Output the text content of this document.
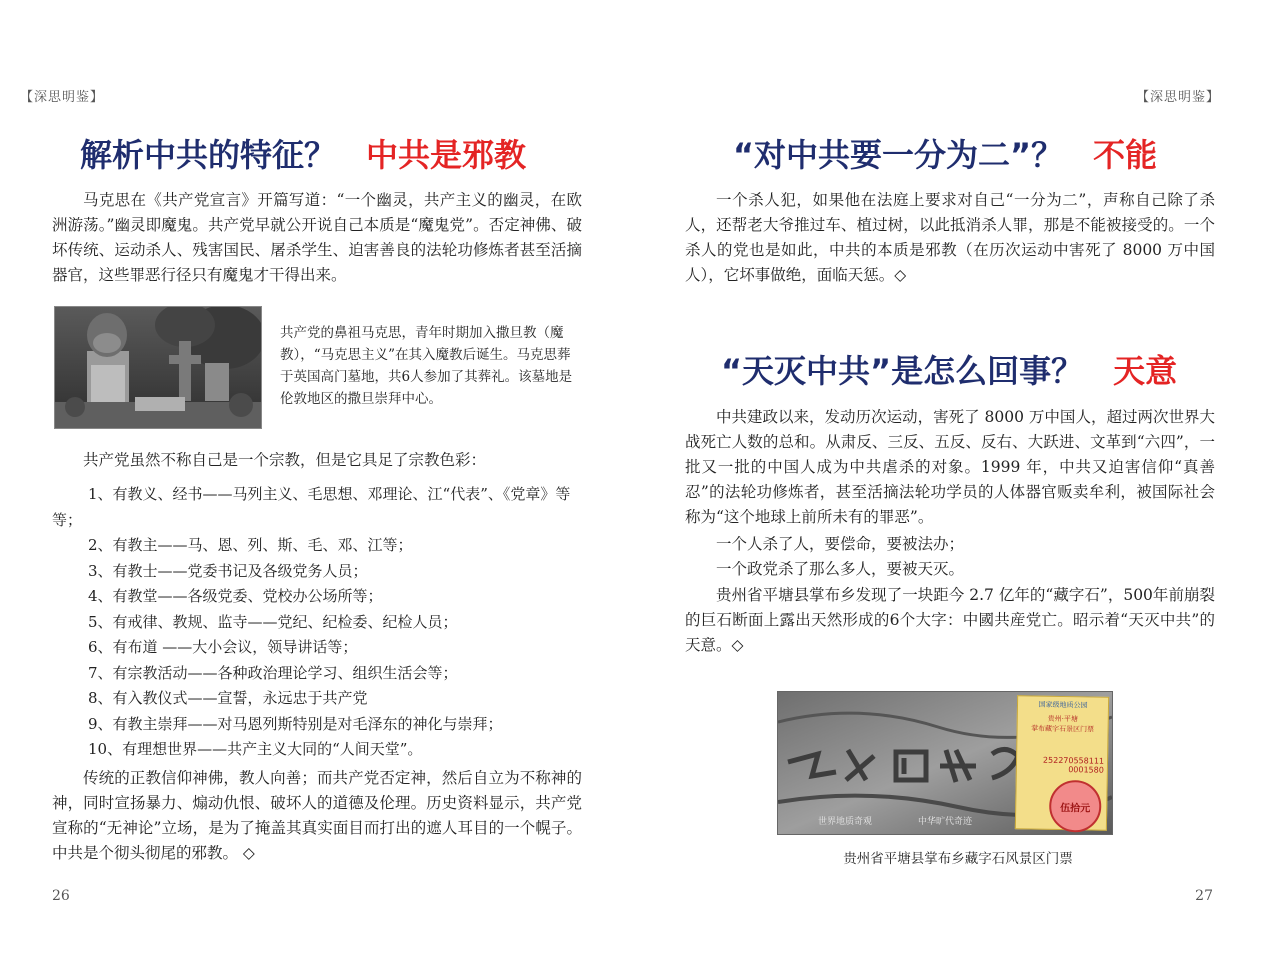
【深思明鉴】
解析中共的特征？ 中共是邪教

马克思在《共产党宣言》开篇写道：“一个幽灵，共产主义的幽灵，在欧洲游荡。”幽灵即魔鬼。共产党早就公开说自己本质是“魔鬼党”。否定神佛、破坏传统、运动杀人、残害国民、屠杀学生、迫害善良的法轮功修炼者甚至活摘器官，这些罪恶行径只有魔鬼才干得出来。

共产党的鼻祖马克思，青年时期加入撒旦教（魔教），“马克思主义”在其入魔教后诞生。马克思葬于英国高门墓地，共6人参加了其葬礼。该墓地是伦敦地区的撒旦崇拜中心。

共产党虽然不称自己是一个宗教，但是它具足了宗教色彩：

1、有教义、经书——马列主义、毛思想、邓理论、江“代表”、《党章》等等；
2、有教主——马、恩、列、斯、毛、邓、江等；
3、有教士——党委书记及各级党务人员；
4、有教堂——各级党委、党校办公场所等；
5、有戒律、教规、监寺——党纪、纪检委、纪检人员；
6、有布道 ——大小会议，领导讲话等；
7、有宗教活动——各种政治理论学习、组织生活会等；
8、有入教仪式——宣誓，永远忠于共产党
9、有教主崇拜——对马恩列斯特别是对毛泽东的神化与崇拜；
10、有理想世界——共产主义大同的“人间天堂”。

传统的正教信仰神佛，教人向善；而共产党否定神，然后自立为不称神的神，同时宣扬暴力、煽动仇恨、破坏人的道德及伦理。历史资料显示，共产党宣称的“无神论”立场，是为了掩盖其真实面目而打出的遮人耳目的一个幌子。中共是个彻头彻尾的邪教。 ◇

26
【深思明鉴】
“对中共要一分为二”？ 不能

一个杀人犯，如果他在法庭上要求对自己“一分为二”，声称自己除了杀人，还帮老大爷推过车、植过树，以此抵消杀人罪，那是不能被接受的。一个杀人的党也是如此，中共的本质是邪教（在历次运动中害死了 8000 万中国人），它坏事做绝，面临天惩。◇

“天灭中共”是怎么回事？ 天意

中共建政以来，发动历次运动，害死了 8000 万中国人，超过两次世界大战死亡人数的总和。从肃反、三反、五反、反右、大跃进、文革到“六四”，一批又一批的中国人成为中共虐杀的对象。1999 年，中共又迫害信仰“真善忍”的法轮功修炼者，甚至活摘法轮功学员的人体器官贩卖牟利，被国际社会称为“这个地球上前所未有的罪恶”。

一个人杀了人，要偿命，要被法办；

一个政党杀了那么多人，要被天灭。

贵州省平塘县掌布乡发现了一块距今 2.7 亿年的“藏字石”，500年前崩裂的巨石断面上露出天然形成的6个大字：中國共産党亡。昭示着“天灭中共”的天意。◇

世界地质奇观	中华旷代奇迹
国家级地质公园
贵州·平塘
掌布藏字石景区门票
252270558111
0001580
伍拾元
贵州省平塘县掌布乡藏字石风景区门票
27
